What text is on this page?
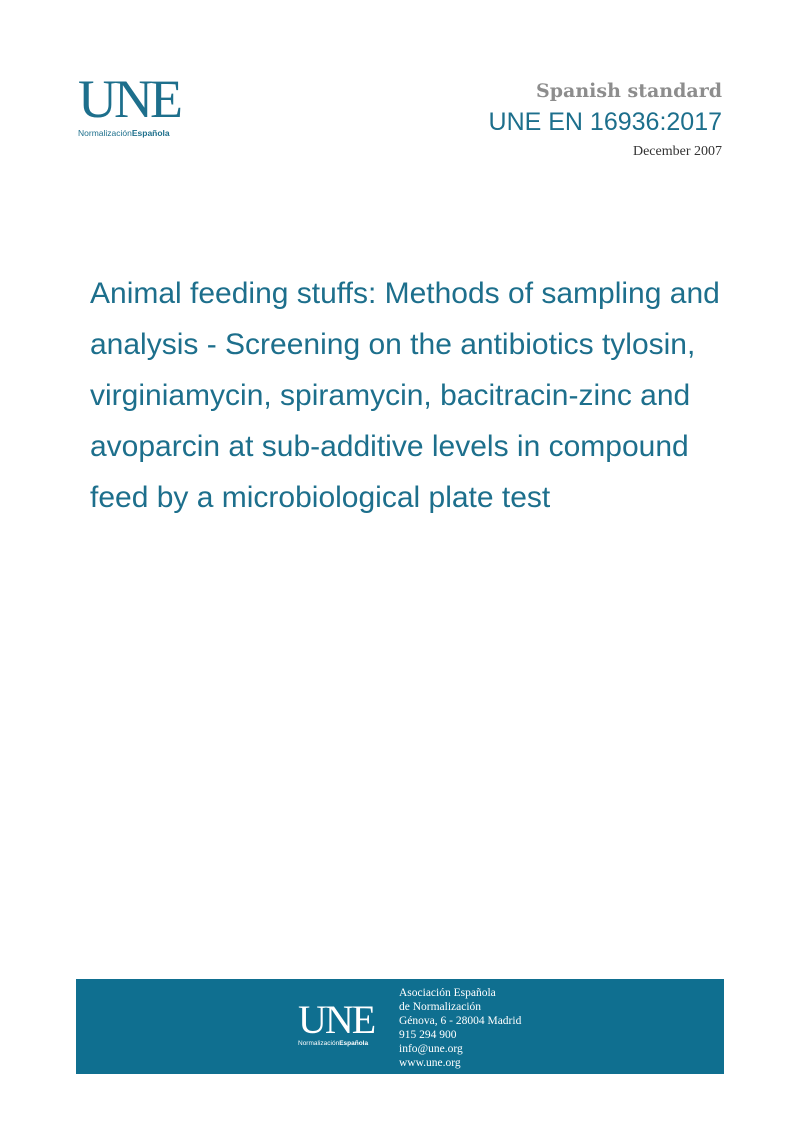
UNE
NormalizaciónEspañola
Spanish standard
UNE EN 16936:2017
December 2007
Animal feeding stuffs: Methods of sampling and
analysis - Screening on the antibiotics tylosin,
virginiamycin, spiramycin, bacitracin-zinc and
avoparcin at sub-additive levels in compound
feed by a microbiological plate test
UNE
NormalizaciónEspañola
Asociación Española
de Normalización
Génova, 6 - 28004 Madrid
915 294 900
info@une.org
www.une.org
